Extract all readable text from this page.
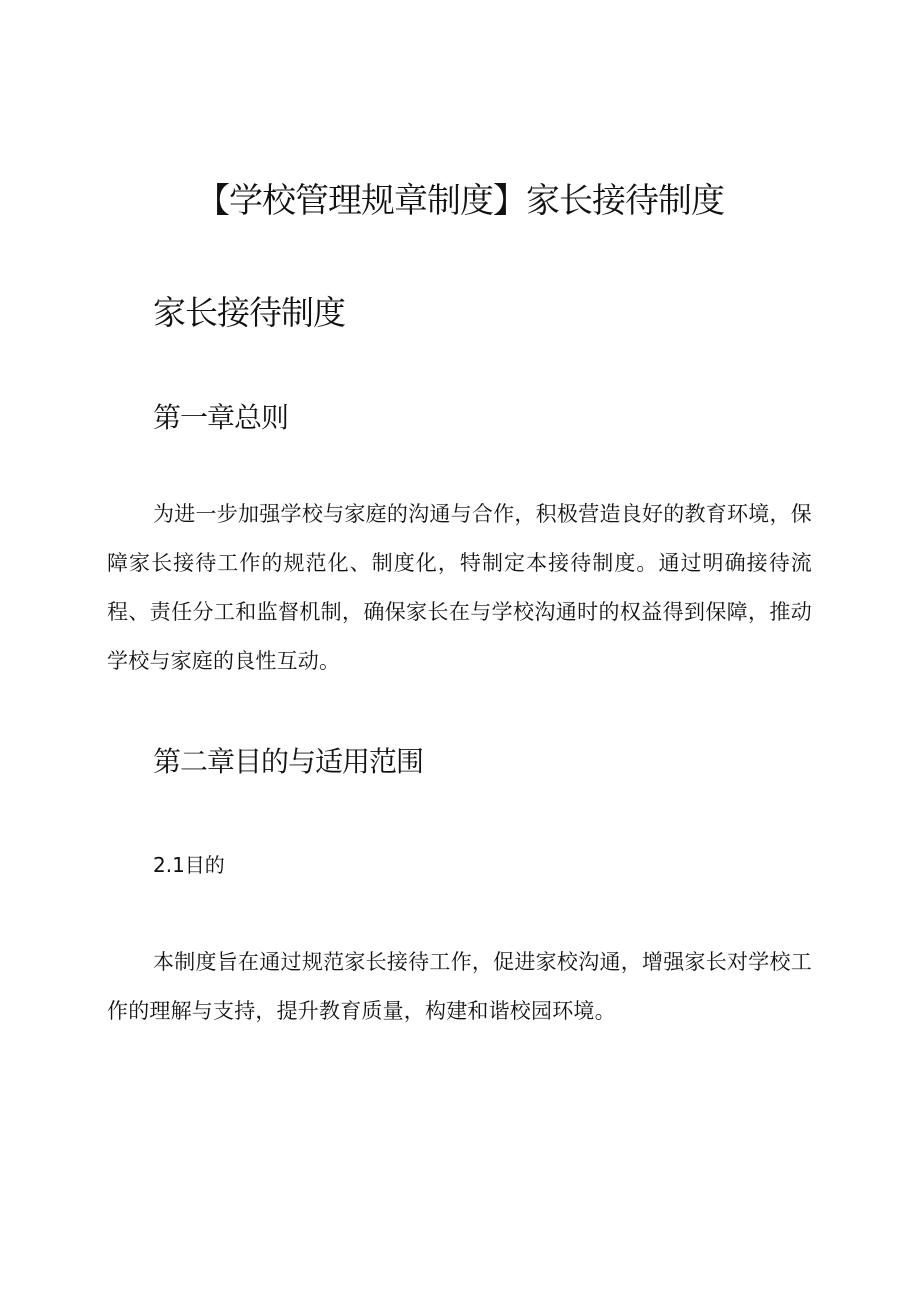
【学校管理规章制度】家长接待制度
家长接待制度
第一章总则

为进一步加强学校与家庭的沟通与合作，积极营造良好的教育环境，保障家长接待工作的规范化、制度化，特制定本接待制度。通过明确接待流程、责任分工和监督机制，确保家长在与学校沟通时的权益得到保障，推动学校与家庭的良性互动。

第二章目的与适用范围
2.1目的

本制度旨在通过规范家长接待工作，促进家校沟通，增强家长对学校工作的理解与支持，提升教育质量，构建和谐校园环境。
